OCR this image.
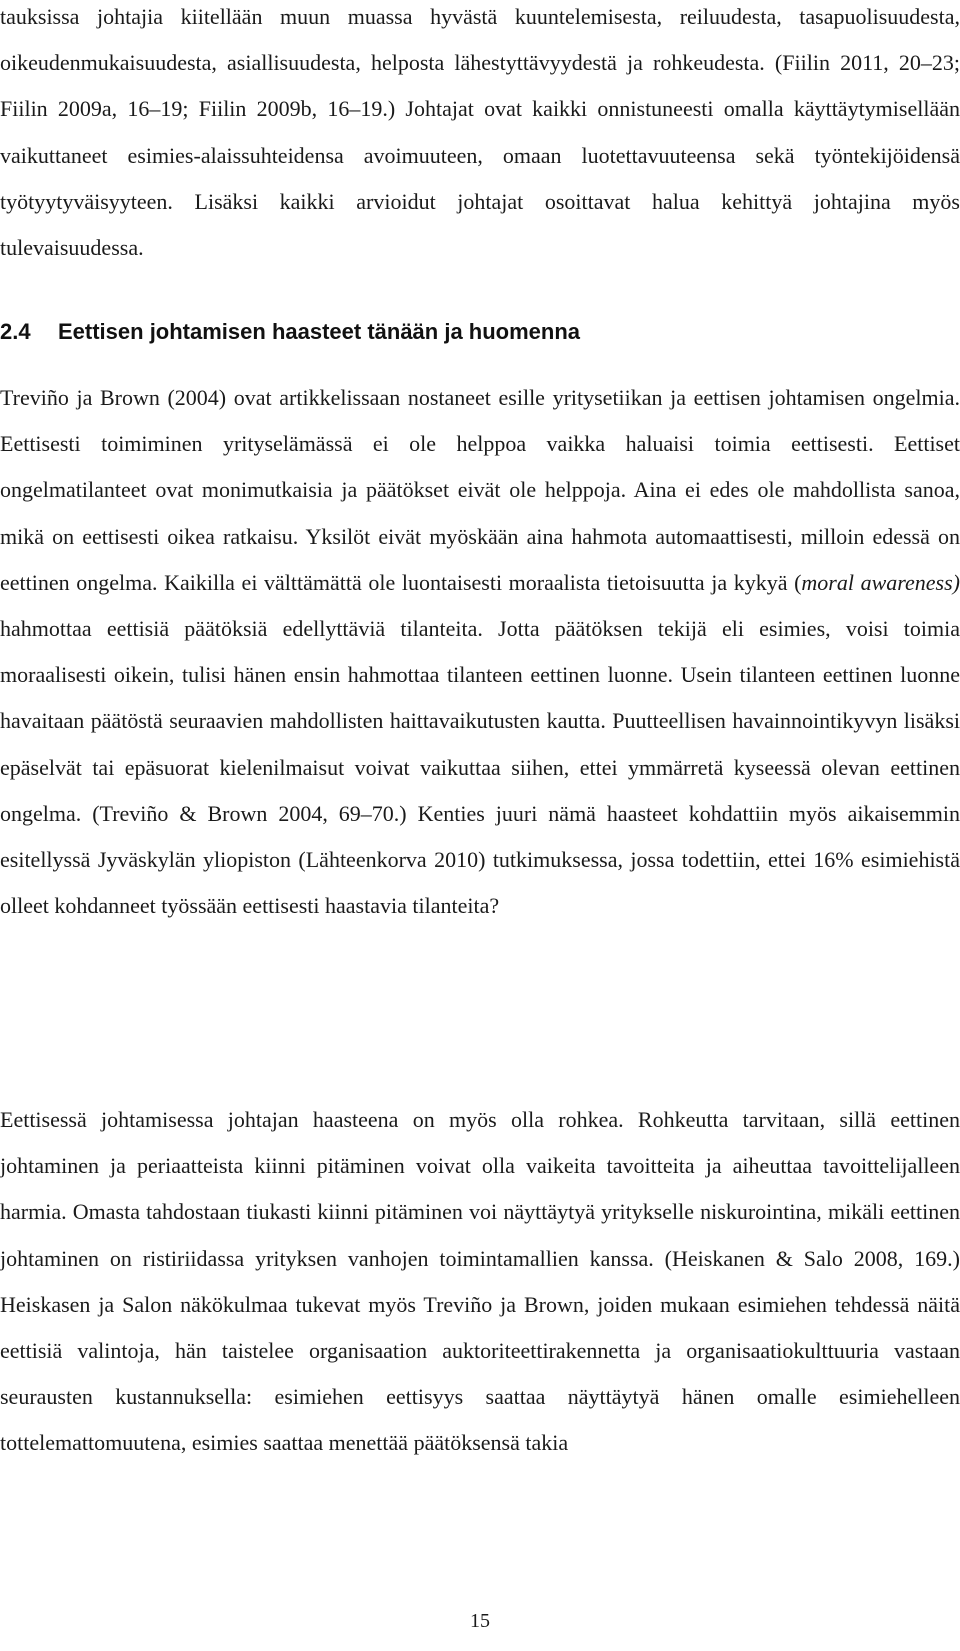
tauksissa johtajia kiitellään muun muassa hyvästä kuuntelemisesta, reiluudesta, tasapuolisuudesta, oikeudenmukaisuudesta, asiallisuudesta, helposta lähestyttävyydestä ja rohkeudesta. (Fiilin 2011, 20–23; Fiilin 2009a, 16–19; Fiilin 2009b, 16–19.) Johtajat ovat kaikki onnistuneesti omalla käyttäytymisellään vaikuttaneet esimies-alaissuhteidensa avoimuuteen, omaan luotettavuuteensa sekä työntekijöidensä työtyytyväisyyteen. Lisäksi kaikki arvioidut johtajat osoittavat halua kehittyä johtajina myös tulevaisuudessa.

2.4 Eettisen johtamisen haasteet tänään ja huomenna

Treviño ja Brown (2004) ovat artikkelissaan nostaneet esille yritysetiikan ja eettisen johtamisen ongelmia. Eettisesti toimiminen yrityselämässä ei ole helppoa vaikka haluaisi toimia eettisesti. Eettiset ongelmatilanteet ovat monimutkaisia ja päätökset eivät ole helppoja. Aina ei edes ole mahdollista sanoa, mikä on eettisesti oikea ratkaisu. Yksilöt eivät myöskään aina hahmota automaattisesti, milloin edessä on eettinen ongelma. Kaikilla ei välttämättä ole luontaisesti moraalista tietoisuutta ja kykyä (moral awareness) hahmottaa eettisiä päätöksiä edellyttäviä tilanteita. Jotta päätöksen tekijä eli esimies, voisi toimia moraalisesti oikein, tulisi hänen ensin hahmottaa tilanteen eettinen luonne. Usein tilanteen eettinen luonne havaitaan päätöstä seuraavien mahdollisten haittavaikutusten kautta. Puutteellisen havainnointikyvyn lisäksi epäselvät tai epäsuorat kielenilmaisut voivat vaikuttaa siihen, ettei ymmärretä kyseessä olevan eettinen ongelma. (Treviño & Brown 2004, 69–70.) Kenties juuri nämä haasteet kohdattiin myös aikaisemmin esitellyssä Jyväskylän yliopiston (Lähteenkorva 2010) tutkimuksessa, jossa todettiin, ettei 16% esimiehistä olleet kohdanneet työssään eettisesti haastavia tilanteita?

Eettisessä johtamisessa johtajan haasteena on myös olla rohkea. Rohkeutta tarvitaan, sillä eettinen johtaminen ja periaatteista kiinni pitäminen voivat olla vaikeita tavoitteita ja aiheuttaa tavoittelijalleen harmia. Omasta tahdostaan tiukasti kiinni pitäminen voi näyttäytyä yritykselle niskurointina, mikäli eettinen johtaminen on ristiriidassa yrityksen vanhojen toimintamallien kanssa. (Heiskanen & Salo 2008, 169.) Heiskasen ja Salon näkökulmaa tukevat myös Treviño ja Brown, joiden mukaan esimiehen tehdessä näitä eettisiä valintoja, hän taistelee organisaation auktoriteettirakennetta ja organisaatiokulttuuria vastaan seurausten kustannuksella: esimiehen eettisyys saattaa näyttäytyä hänen omalle esimiehelleen tottelemattomuutena, esimies saattaa menettää päätöksensä takia

15
